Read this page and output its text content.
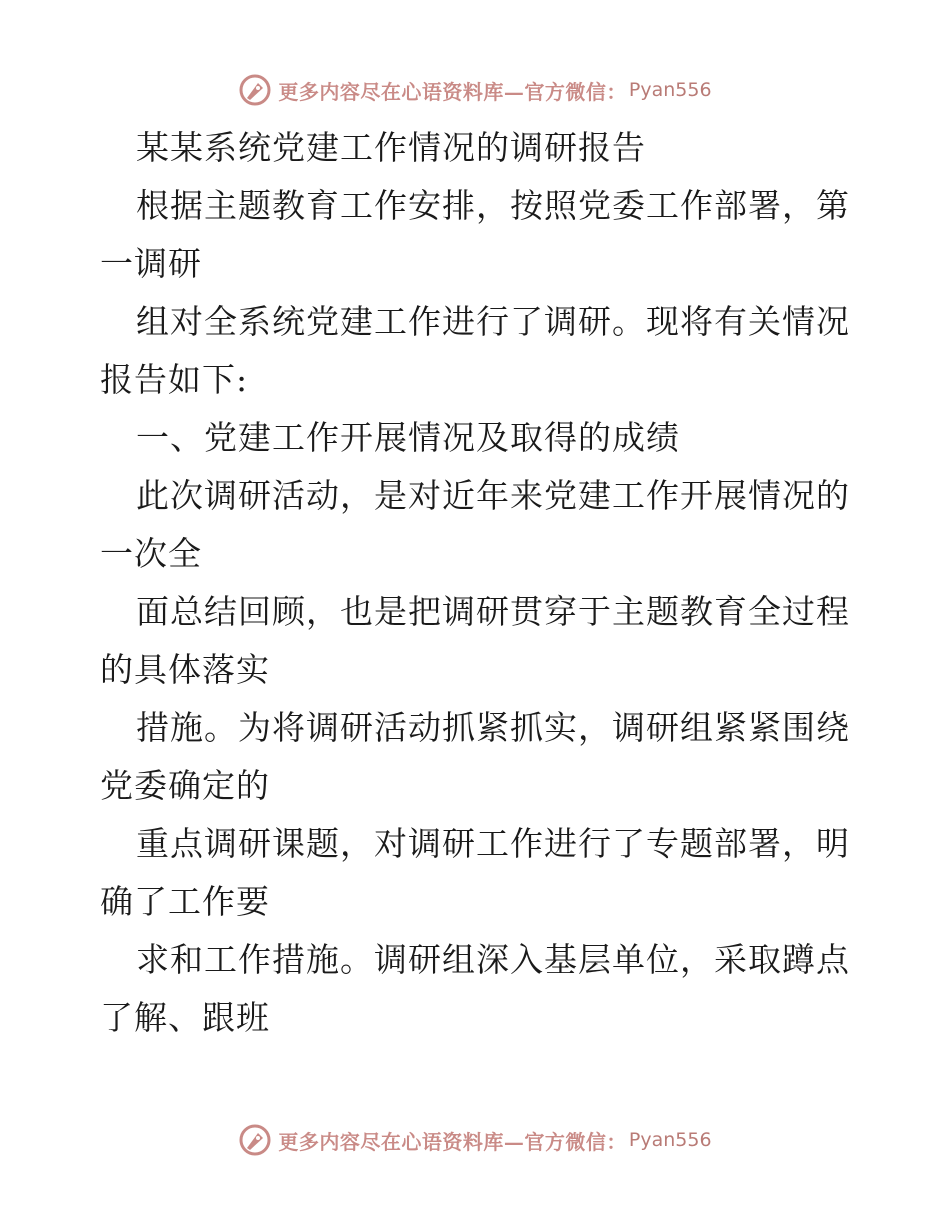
更多内容尽在心语资料库—官方微信： Pyan556
某某系统党建工作情况的调研报告
根据主题教育工作安排，按照党委工作部署，第
一调研
组对全系统党建工作进行了调研。现将有关情况
报告如下:
一、党建工作开展情况及取得的成绩
此次调研活动，是对近年来党建工作开展情况的
一次全
面总结回顾，也是把调研贯穿于主题教育全过程
的具体落实
措施。为将调研活动抓紧抓实，调研组紧紧围绕
党委确定的
重点调研课题，对调研工作进行了专题部署，明
确了工作要
求和工作措施。调研组深入基层单位，采取蹲点
了解、跟班
更多内容尽在心语资料库—官方微信： Pyan556
